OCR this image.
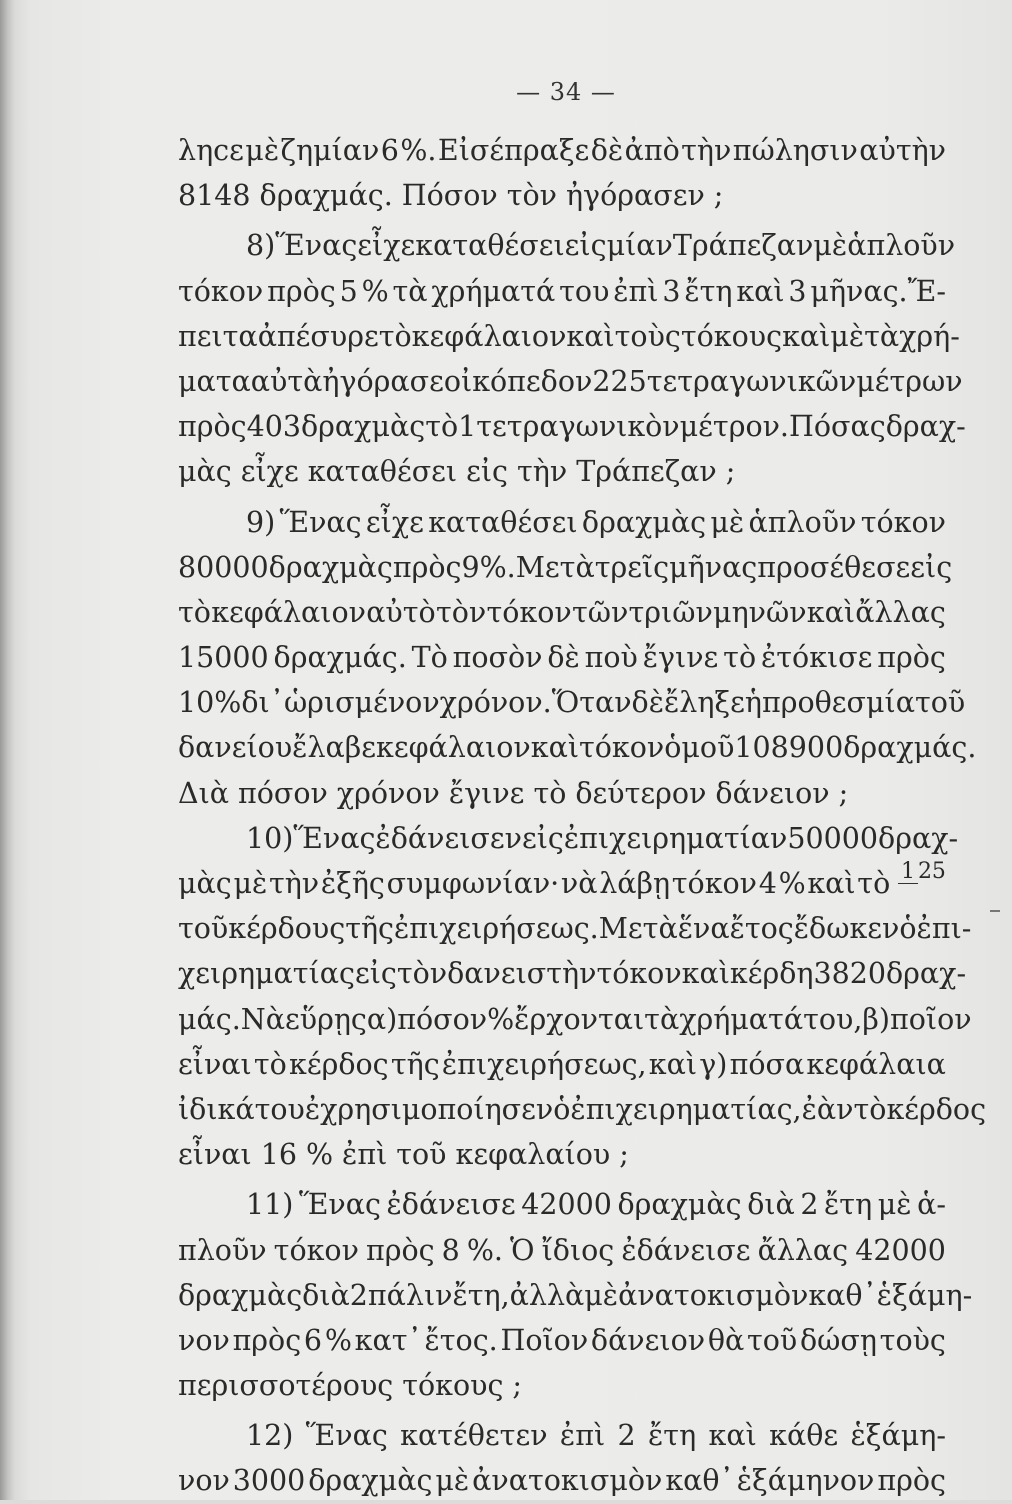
— 34 —
ληϲε μὲ ζημίαν 6 %. Εἰσέπραξε δὲ ἀπὸ τὴν πώλησιν αὐτὴν
8148 δραχμάς. Πόσον τὸν ἠγόρασεν ;
8) Ἕνας εἶχε καταθέσει εἰς μίαν Τράπεζαν μὲ ἁπλοῦν
τόκον πρὸς 5 % τὰ χρήματά του ἐπὶ 3 ἔτη καὶ 3 μῆνας.Ἔ-
πειτα ἀπέσυρε τὸ κεφάλαιον καὶ τοὺς τόκους καὶ μὲ τὰ χρή-
ματα αὐτὰ ἠγόρασε οἰκόπεδον 225 τετραγωνικῶν μέτρων
πρὸς 403 δραχμὰς τὸ 1 τετραγωνικὸν μέτρον. Πόσας δραχ-
μὰς εἶχε καταθέσει εἰς τὴν Τράπεζαν ;
9) Ἕνας εἶχε καταθέσει δραχμὰς μὲ ἁπλοῦν τόκον
80000 δραχμὰς πρὸς 9 %. Μετὰ τρεῖς μῆνας προσέθεσε εἰς
τὸ κεφάλαιον αὐτὸ τὸν τόκον τῶν τριῶν μηνῶν καὶ ἄλλας
15000 δραχμάς. Τὸ ποσὸν δὲ ποὺ ἔγινε τὸ ἐτόκισε πρὸς
10 % δι᾽ὡρισμένον χρόνον.Ὅταν δὲ ἔληξε ἡ προθεσμία τοῦ
δανείου ἔλαβε κεφάλαιον καὶ τόκον ὁμοῦ 108900 δραχμάς.
Διὰ πόσον χρόνον ἔγινε τὸ δεύτερον δάνειον ;
10) Ἕνας ἐδάνεισεν εἰς ἐπιχειρηματίαν 50000 δραχ-
μὰς μὲ τὴν ἐξῆς συμφωνίαν· νὰ λάβῃ τόκον 4 % καὶ τὸ 1 25
τοῦ κέρδους τῆς ἐπιχειρήσεως. Μετὰ ἕνα ἔτος ἔδωκεν ὁ ἐπι-
χειρηματίας εἰς τὸν δανειστὴν τόκον καὶ κέρδη 3820 δραχ-
μάς. Νὰ εὕρῃς α) πόσον % ἔρχονται τὰ χρήματά του, β) ποῖον
εἶναι τὸ κέρδος τῆς ἐπιχειρήσεως, καὶ γ) πόσα κεφάλαια
ἰδικά του ἐχρησιμοποίησεν ὁ ἐπιχειρηματίας, ἐὰν τὸ κέρδος
εἶναι 16 % ἐπὶ τοῦ κεφαλαίου ;
11) Ἕνας ἐδάνεισε 42000 δραχμὰς διὰ 2 ἔτη μὲ ἁ-
πλοῦν τόκον πρὸς 8 %. Ὁ ἴδιος ἐδάνεισε ἄλλας 42000
δραχμὰς διὰ 2 πάλιν ἔτη, ἀλλὰ μὲ ἀνατοκισμὸν καθ᾽ ἑξάμη-
νον πρὸς 6 % κατ᾽ ἔτος. Ποῖον δάνειον θὰ τοῦ δώσῃ τοὺς
περισσοτέρους τόκους ;
12) Ἕνας κατέθετεν ἐπὶ 2 ἔτη καὶ κάθε ἑξάμη-
νον 3000 δραχμὰς μὲ ἀνατοκισμὸν καθ᾽ ἑξάμηνον πρὸς
